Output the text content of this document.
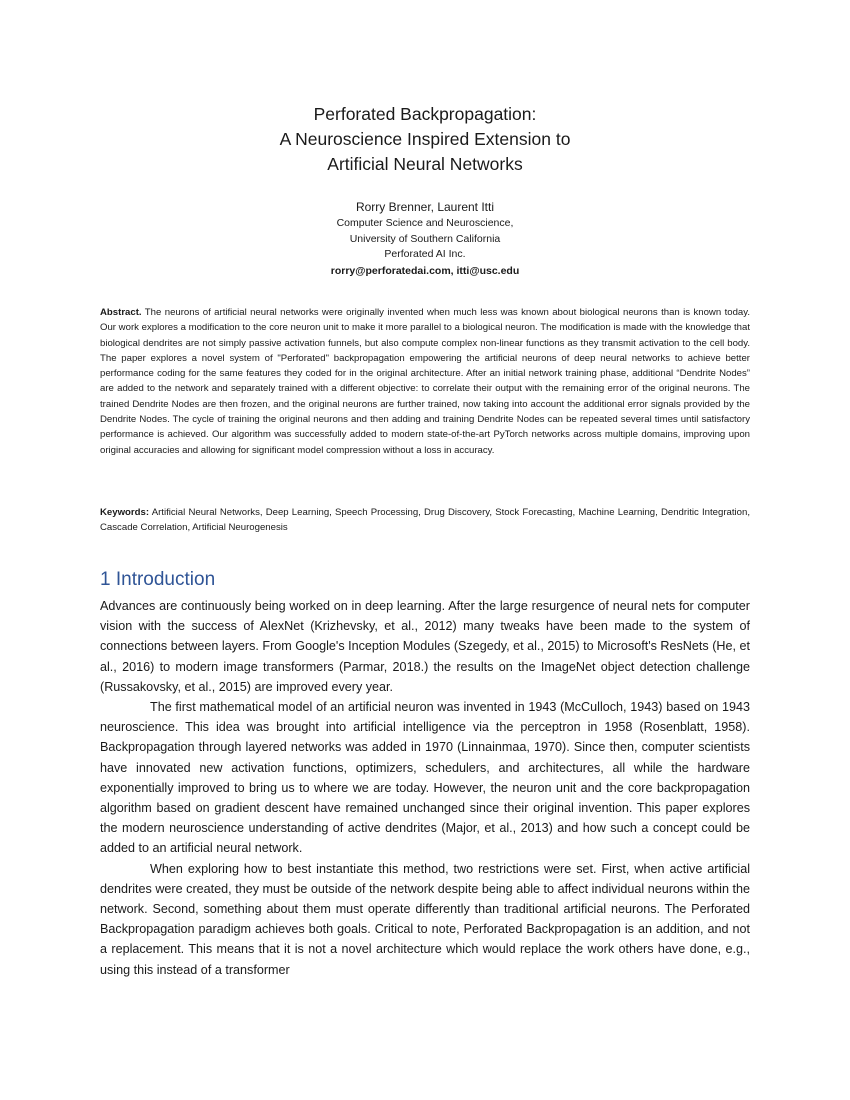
Perforated Backpropagation:
A Neuroscience Inspired Extension to
Artificial Neural Networks
Rorry Brenner, Laurent Itti
Computer Science and Neuroscience,
University of Southern California
Perforated AI Inc.
rorry@perforatedai.com, itti@usc.edu
Abstract. The neurons of artificial neural networks were originally invented when much less was known about biological neurons than is known today. Our work explores a modification to the core neuron unit to make it more parallel to a biological neuron. The modification is made with the knowledge that biological dendrites are not simply passive activation funnels, but also compute complex non-linear functions as they transmit activation to the cell body. The paper explores a novel system of "Perforated" backpropagation empowering the artificial neurons of deep neural networks to achieve better performance coding for the same features they coded for in the original architecture. After an initial network training phase, additional “Dendrite Nodes” are added to the network and separately trained with a different objective: to correlate their output with the remaining error of the original neurons. The trained Dendrite Nodes are then frozen, and the original neurons are further trained, now taking into account the additional error signals provided by the Dendrite Nodes. The cycle of training the original neurons and then adding and training Dendrite Nodes can be repeated several times until satisfactory performance is achieved. Our algorithm was successfully added to modern state-of-the-art PyTorch networks across multiple domains, improving upon original accuracies and allowing for significant model compression without a loss in accuracy.
Keywords: Artificial Neural Networks, Deep Learning, Speech Processing, Drug Discovery, Stock Forecasting, Machine Learning, Dendritic Integration, Cascade Correlation, Artificial Neurogenesis
1 Introduction

Advances are continuously being worked on in deep learning. After the large resurgence of neural nets for computer vision with the success of AlexNet (Krizhevsky, et al., 2012) many tweaks have been made to the system of connections between layers. From Google's Inception Modules (Szegedy, et al., 2015) to Microsoft's ResNets (He, et al., 2016) to modern image transformers (Parmar, 2018.) the results on the ImageNet object detection challenge (Russakovsky, et al., 2015) are improved every year.

The first mathematical model of an artificial neuron was invented in 1943 (McCulloch, 1943) based on 1943 neuroscience. This idea was brought into artificial intelligence via the perceptron in 1958 (Rosenblatt, 1958). Backpropagation through layered networks was added in 1970 (Linnainmaa, 1970). Since then, computer scientists have innovated new activation functions, optimizers, schedulers, and architectures, all while the hardware exponentially improved to bring us to where we are today. However, the neuron unit and the core backpropagation algorithm based on gradient descent have remained unchanged since their original invention. This paper explores the modern neuroscience understanding of active dendrites (Major, et al., 2013) and how such a concept could be added to an artificial neural network.

When exploring how to best instantiate this method, two restrictions were set. First, when active artificial dendrites were created, they must be outside of the network despite being able to affect individual neurons within the network. Second, something about them must operate differently than traditional artificial neurons. The Perforated Backpropagation paradigm achieves both goals. Critical to note, Perforated Backpropagation is an addition, and not a replacement. This means that it is not a novel architecture which would replace the work others have done, e.g., using this instead of a transformer
